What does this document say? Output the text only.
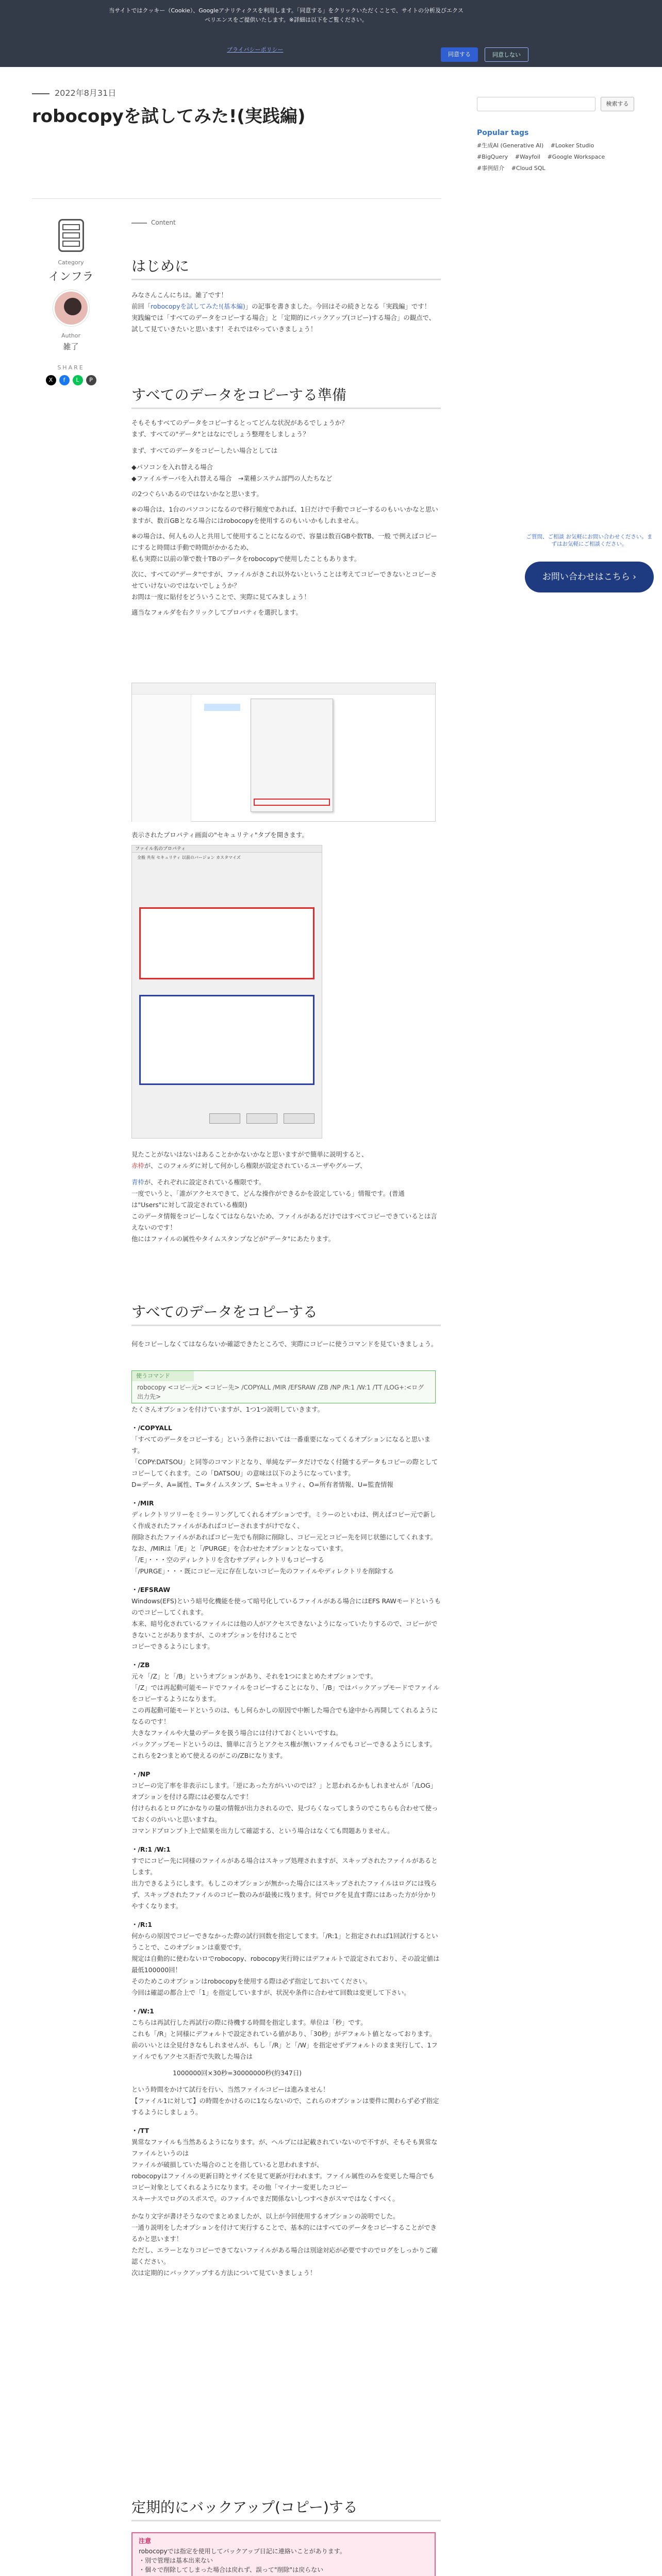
当サイトではクッキー（Cookie）、Googleアナリティクスを利用します。「同意する」をクリックいただくことで、サイトの分析及びエクスペリエンスをご提供いたします。※詳細は以下をご覧ください。
プライバシーポリシー
同意する	同意しない
2022年8月31日
robocopyを試してみた!(実践編)
Category
インフラ
Author
雑了
SHARE
X	f	L	P
Content
はじめに
みなさんこんにちは。雑了です！
前回「robocopyを試してみた!(基本編)」の記事を書きました。今回はその続きとなる「実践編」です！
実践編では「すべてのデータをコピーする場合」と「定期的にバックアップ(コピー)する場合」の観点で、試して見ていきたいと思います！それではやっていきましょう！
すべてのデータをコピーする準備
そもそもすべてのデータをコピーするとってどんな状況があるでしょうか？
まず、すべての"データ"とはなにでしょう整理をしましょう？
まず、すべてのデータをコピーしたい場合としては
◆パソコンを入れ替える場合
◆ファイルサーバを入れ替える場合　→業種システム部門の人たちなど
の2つぐらいあるのではないかなと思います。
※の場合は、1台のパソコンになるので移行頻度であれば、1日だけで手動でコピーするのもいいかなと思いますが、数百GBとなる場合にはrobocopyを使用するのもいいかもしれません。
※の場合は、何人もの人と共用して使用することになるので、容量は数百GBや数TB、一般 で例えばコピーにすると時間は手動で時間がかかるため、
私も実際に以前の筆で数十TBのデータをrobocopyで使用したこともあります。
次に、すべての"データ"ですが、ファイルがきこれ以外ないということは考えてコピーできないとコピーさせていけないのではないでしょうか？
お問は一度に貼付をどういうことで、実際に見てみましょう！
適当なフォルダを右クリックしてプロパティを選択します。
表示されたプロパティ画面の"セキュリティ"タブを開きます。
ファイル名のプロパティ
全般 共有 セキュリティ 以前のバージョン カスタマイズ
見たことがないはないはあることかかないかなと思いますがで簡単に説明すると、
赤枠が、このフォルダに対して何かしら権限が設定されているユーザやグループ、
青枠が、それぞれに設定されている権限です。
一度でいうと、「誰がアクセスできて、どんな操作ができるかを設定している」情報です。(普通は"Users"に対して設定されている権限)
このデータ情報をコピーしなくてはならないため、ファイルがあるだけではすべてコピーできているとは言えないのです！
他にはファイルの属性やタイムスタンプなどが"データ"にあたります。
すべてのデータをコピーする
何をコピーしなくてはならないか確認できたところで、実際にコピーに使うコマンドを見ていきましょう。
使うコマンド
robocopy <コピー元> <コピー先> /COPYALL /MIR /EFSRAW /ZB /NP /R:1 /W:1 /TT /LOG+:<ログ出力先>
たくさんオプションを付けていますが、1つ1つ説明していきます。
・/COPYALL
「すべてのデータをコピーする」という条件においては一番重要になってくるオプションになると思います。
「COPY:DATSOU」と同等のコマンドとなり、単純なデータだけでなく付随するデータもコピーの際としてコピーしてくれます。この「DATSOU」の意味は以下のようになっています。
D=データ、A=属性、T=タイムスタンプ、S=セキュリティ、O=所有者情報、U=監査情報
・/MIR
ディレクトリツリーをミラーリングしてくれるオプションです。ミラーのといわは、例えばコピー元で新しく作成されたファイルがあればコピーされますがけでなく、
削除されたファイルがあればコピー先でも削除に削除し、コピー元とコピー先を同じ状態にしてくれます。
なお、/MIRは「/E」と「/PURGE」を合わせたオプションとなっています。
「/E」・・・空のディレクトリを含むサブディレクトリもコピーする
「/PURGE」・・・既にコピー元に存在しないコピー先のファイルやディレクトリを削除する
・/EFSRAW
Windows(EFS)という暗号化機能を使って暗号化しているファイルがある場合にはEFS RAWモードというものでコピーしてくれます。
本来、暗号化されているファイルには他の人がアクセスできないようになっていたりするので、コピーができないことがありますが、このオプションを付けることで
コピーできるようにします。
・/ZB
元々「/Z」と「/B」というオプションがあり、それを1つにまとめたオプションです。
「/Z」では再起動可能モードでファイルをコピーすることになり、「/B」ではバックアップモードでファイルをコピーするようになります。
この再起動可能モードというのは、もし何らかしの原因で中断した場合でも途中から再開してくれるようになるのです！
大きなファイルや大量のデータを扱う場合には付けておくといいですね。
バックアップモードというのは、簡単に言うとアクセス権が無いファイルでもコピーできるようにします。これらを2つまとめて使えるのがこの/ZBになります。
・/NP
コピーの完了率を非表示にします。「逆にあった方がいいのでは？」と思われるかもしれませんが「/LOG」オプションを付ける際には必要なんです！
付けられるとログにかなりの量の情報が出力されるので、見づらくなってしまうのでこちらも合わせて使っておくのがいいと思いますね。
コマンドプロンプト上で結果を出力して確認する、という場合はなくても問題ありません。
・/R:1 /W:1
すでにコピー先に同様のファイルがある場合はスキップ処理されますが、スキップされたファイルがあるとします。
出力できるようにします。もしこのオプションが無かった場合にはスキップされたファイルはログには残らず、スキップされたファイルのコピー数のみが最後に残ります。何でログを見直す際にはあった方が分かりやすくなります。
・/R:1
何からの原因でコピーできなかった際の試行回数を指定してます。「/R:1」と指定されれば1回試行するということで、このオプションは重要です。
規定は自動的に使わないロでrobocopy、robocopy実行時にはデフォルトで設定されており、その設定値は最低100000回！
そのためこのオプションはrobocopyを使用する際は必ず指定しておいてください。
今回は確認の都合上で「1」を指定していますが、状況や条件に合わせて回数は変更して下さい。
・/W:1
こちらは再試行した再試行の際に待機する時間を指定します。単位は「秒」です。
これも「/R」と同様にデフォルトで設定されている値があり、「30秒」がデフォルト値となっております。
前のいいとは全見付きなもしれませんが、もし「/R」と「/W」を指定せずデフォルトのまま実行して、1ファイルでもアクセス拒否で失敗した場合は
1000000回×30秒=30000000秒(約347日)
という時間をかけて試行を行い、当然ファイルコピーは進みません！
【ファイル1に対して】の時間をかけるのに1ならないので、これらのオプションは要件に関わらず必ず指定するようにしましょう。
・/TT
異常なファイルも当然あるようになります。が、ヘルプには記載されていないので不すが、そもそも異常なファイルというのは
ファイルが破損していた場合のことを指していると思われますが、
robocopyはファイルの更新日時とサイズを見て更新が行われます。ファイル属性のみを変更した場合でも
コピー対象としてくれるようになります。その他「マイナー変更したコピー
スキーナスでログのスポスで。のファイルでまだ関係ないしつすべきがスマではなくすべく。
かなり文字が書けそうなのでまとめましたが、以上が今回使用するオプションの説明でした。
一通り説明をしたオプションを付けて実行することで、基本的にはすべてのデータをコピーすることができるかと思います！
ただし、エラーとなりコピーできてないファイルがある場合は別途対応が必要ですのでログをしっかりご確認ください。
次は定期的にバックアップする方法について見ていきましょう！
定期的にバックアップ(コピー)する
注意
robocopyでは指定を使用してバックアップ日記に連絡いことがあります。
・別で管理は基本出来ない
・個々で削除してしまった場合は戻れず、誤って"削除"は戻らない
検索する
Popular tags
#生成AI (Generative AI) #Looker Studio #BigQuery #Wayfoil #Google Workspace #事例紹介 #Cloud SQL
ご質問、ご相談 お気軽にお問い合わせください。まずはお気軽にご相談ください。
お問い合わせはこちら ›
